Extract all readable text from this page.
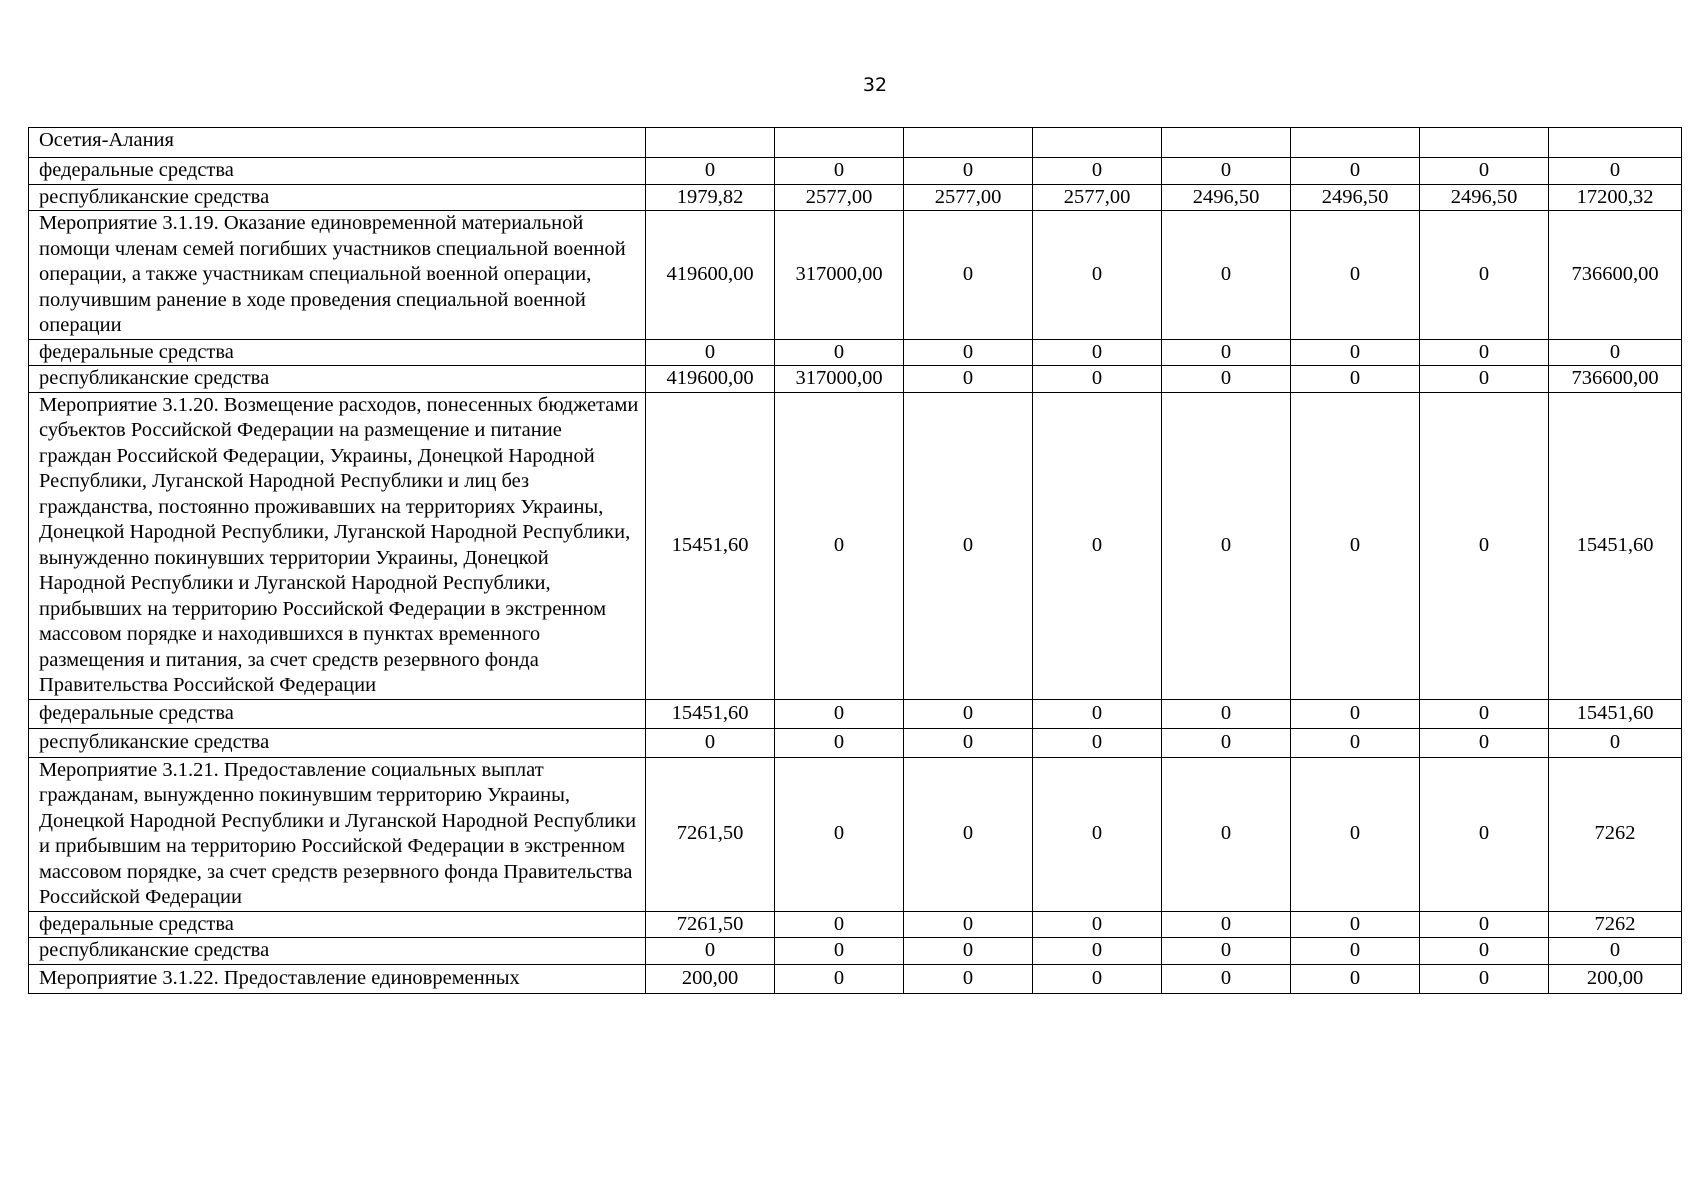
32
Осетия-Алания								
федеральные средства	0	0	0	0	0	0	0	0
республиканские средства	1979,82	2577,00	2577,00	2577,00	2496,50	2496,50	2496,50	17200,32
Мероприятие 3.1.19. Оказание единовременной материальной помощи членам семей погибших участников специальной военной операции, а также участникам специальной военной операции, получившим ранение в ходе проведения специальной военной операции	419600,00	317000,00	0	0	0	0	0	736600,00
федеральные средства	0	0	0	0	0	0	0	0
республиканские средства	419600,00	317000,00	0	0	0	0	0	736600,00
Мероприятие 3.1.20. Возмещение расходов, понесенных бюджетами субъектов Российской Федерации на размещение и питание граждан Российской Федерации, Украины, Донецкой Народной Республики, Луганской Народной Республики и лиц без гражданства, постоянно проживавших на территориях Украины, Донецкой Народной Республики, Луганской Народной Республики, вынужденно покинувших территории Украины, Донецкой Народной Республики и Луганской Народной Республики, прибывших на территорию Российской Федерации в экстренном массовом порядке и находившихся в пунктах временного размещения и питания, за счет средств резервного фонда Правительства Российской Федерации	15451,60	0	0	0	0	0	0	15451,60
федеральные средства	15451,60	0	0	0	0	0	0	15451,60
республиканские средства	0	0	0	0	0	0	0	0
Мероприятие 3.1.21. Предоставление социальных выплат гражданам, вынужденно покинувшим территорию Украины, Донецкой Народной Республики и Луганской Народной Республики и прибывшим на территорию Российской Федерации в экстренном массовом порядке, за счет средств резервного фонда Правительства Российской Федерации	7261,50	0	0	0	0	0	0	7262
федеральные средства	7261,50	0	0	0	0	0	0	7262
республиканские средства	0	0	0	0	0	0	0	0
Мероприятие 3.1.22. Предоставление единовременных	200,00	0	0	0	0	0	0	200,00
